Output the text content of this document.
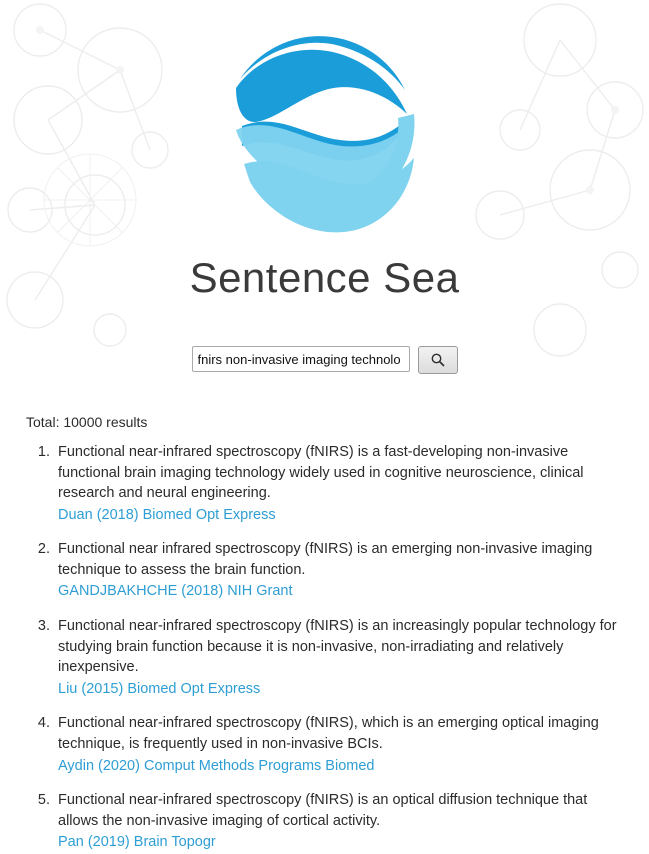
Sentence Sea
fnirs non-invasive imaging technolo
Total: 10000 results
1. Functional near-infrared spectroscopy (fNIRS) is a fast-developing non-invasive functional brain imaging technology widely used in cognitive neuroscience, clinical research and neural engineering.
Duan (2018) Biomed Opt Express
2. Functional near infrared spectroscopy (fNIRS) is an emerging non-invasive imaging technique to assess the brain function.
GANDJBAKHCHE (2018) NIH Grant
3. Functional near-infrared spectroscopy (fNIRS) is an increasingly popular technology for studying brain function because it is non-invasive, non-irradiating and relatively inexpensive.
Liu (2015) Biomed Opt Express
4. Functional near-infrared spectroscopy (fNIRS), which is an emerging optical imaging technique, is frequently used in non-invasive BCIs.
Aydin (2020) Comput Methods Programs Biomed
5. Functional near-infrared spectroscopy (fNIRS) is an optical diffusion technique that allows the non-invasive imaging of cortical activity.
Pan (2019) Brain Topogr
